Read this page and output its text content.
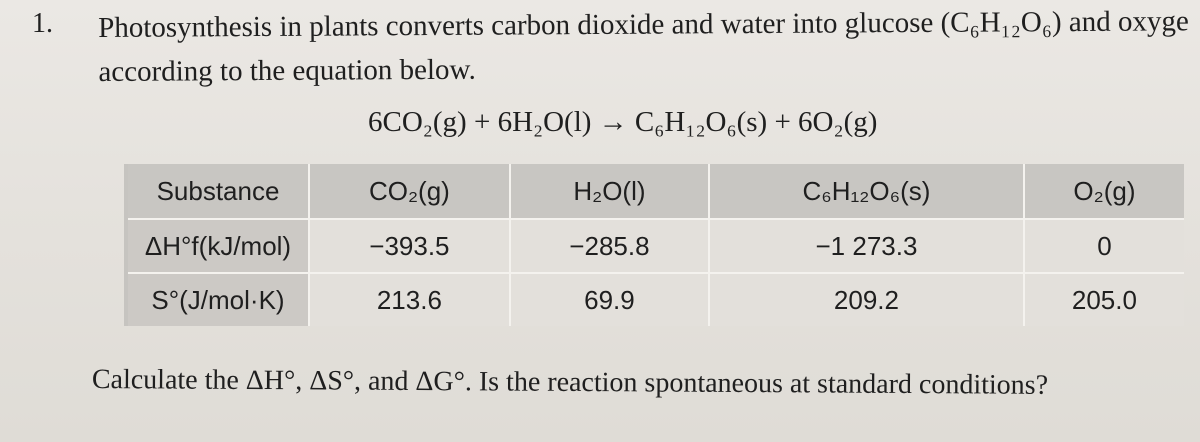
1. Photosynthesis in plants converts carbon dioxide and water into glucose (C₆H₁₂O₆) and oxyge
according to the equation below.
6CO₂(g) + 6H₂O(l) → C₆H₁₂O₆(s) + 6O₂(g)
Substance	CO₂(g)	H₂O(l)	C₆H₁₂O₆(s)	O₂(g)
ΔH°f(kJ/mol)	−393.5	−285.8	−1 273.3	0
S°(J/mol·K)	213.6	69.9	209.2	205.0
Calculate the ΔH°, ΔS°, and ΔG°. Is the reaction spontaneous at standard conditions?
